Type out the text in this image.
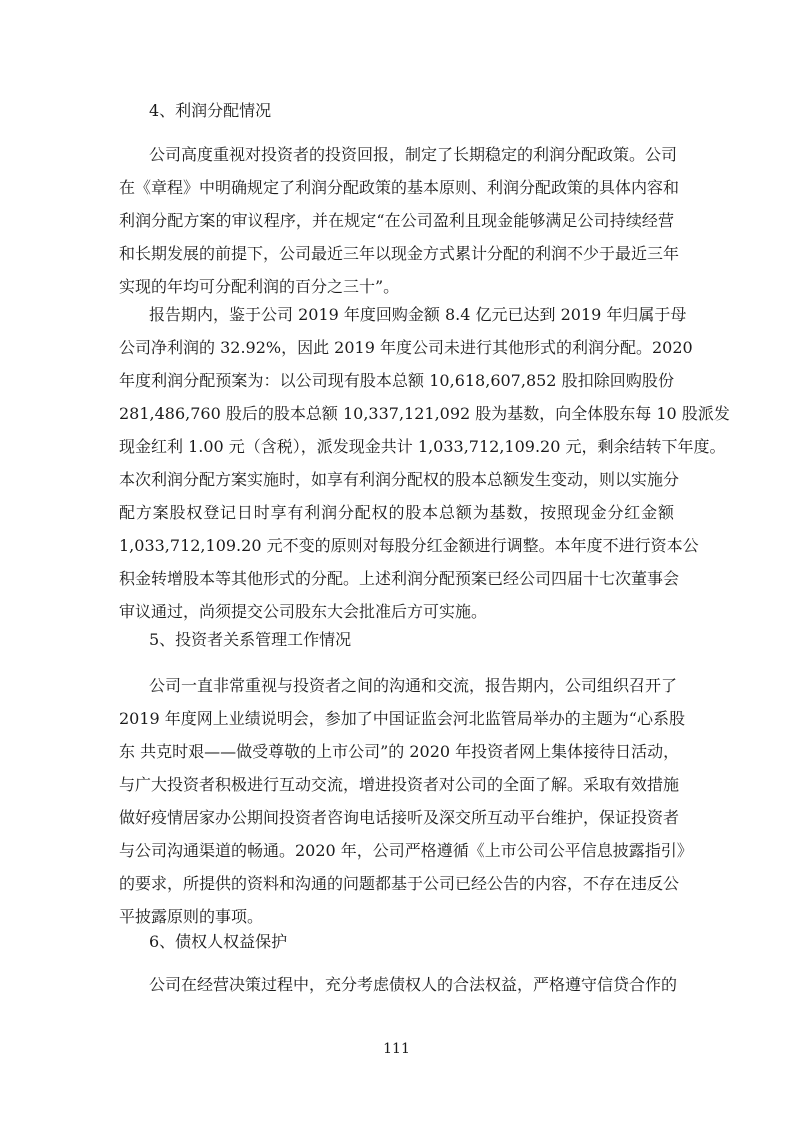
4、利润分配情况
公司高度重视对投资者的投资回报，制定了长期稳定的利润分配政策。公司
在《章程》中明确规定了利润分配政策的基本原则、利润分配政策的具体内容和
利润分配方案的审议程序，并在规定“在公司盈利且现金能够满足公司持续经营
和长期发展的前提下，公司最近三年以现金方式累计分配的利润不少于最近三年
实现的年均可分配利润的百分之三十”。
报告期内，鉴于公司 2019 年度回购金额 8.4 亿元已达到 2019 年归属于母
公司净利润的 32.92%，因此 2019 年度公司未进行其他形式的利润分配。2020
年度利润分配预案为：以公司现有股本总额 10,618,607,852 股扣除回购股份
281,486,760 股后的股本总额 10,337,121,092 股为基数，向全体股东每 10 股派发
现金红利 1.00 元（含税），派发现金共计 1,033,712,109.20 元，剩余结转下年度。
本次利润分配方案实施时，如享有利润分配权的股本总额发生变动，则以实施分
配方案股权登记日时享有利润分配权的股本总额为基数，按照现金分红金额
1,033,712,109.20 元不变的原则对每股分红金额进行调整。本年度不进行资本公
积金转增股本等其他形式的分配。上述利润分配预案已经公司四届十七次董事会
审议通过，尚须提交公司股东大会批准后方可实施。
5、投资者关系管理工作情况
公司一直非常重视与投资者之间的沟通和交流，报告期内，公司组织召开了
2019 年度网上业绩说明会，参加了中国证监会河北监管局举办的主题为“心系股
东 共克时艰——做受尊敬的上市公司”的 2020 年投资者网上集体接待日活动，
与广大投资者积极进行互动交流，增进投资者对公司的全面了解。采取有效措施
做好疫情居家办公期间投资者咨询电话接听及深交所互动平台维护，保证投资者
与公司沟通渠道的畅通。2020 年，公司严格遵循《上市公司公平信息披露指引》
的要求，所提供的资料和沟通的问题都基于公司已经公告的内容，不存在违反公
平披露原则的事项。
6、债权人权益保护
公司在经营决策过程中，充分考虑债权人的合法权益，严格遵守信贷合作的

111
